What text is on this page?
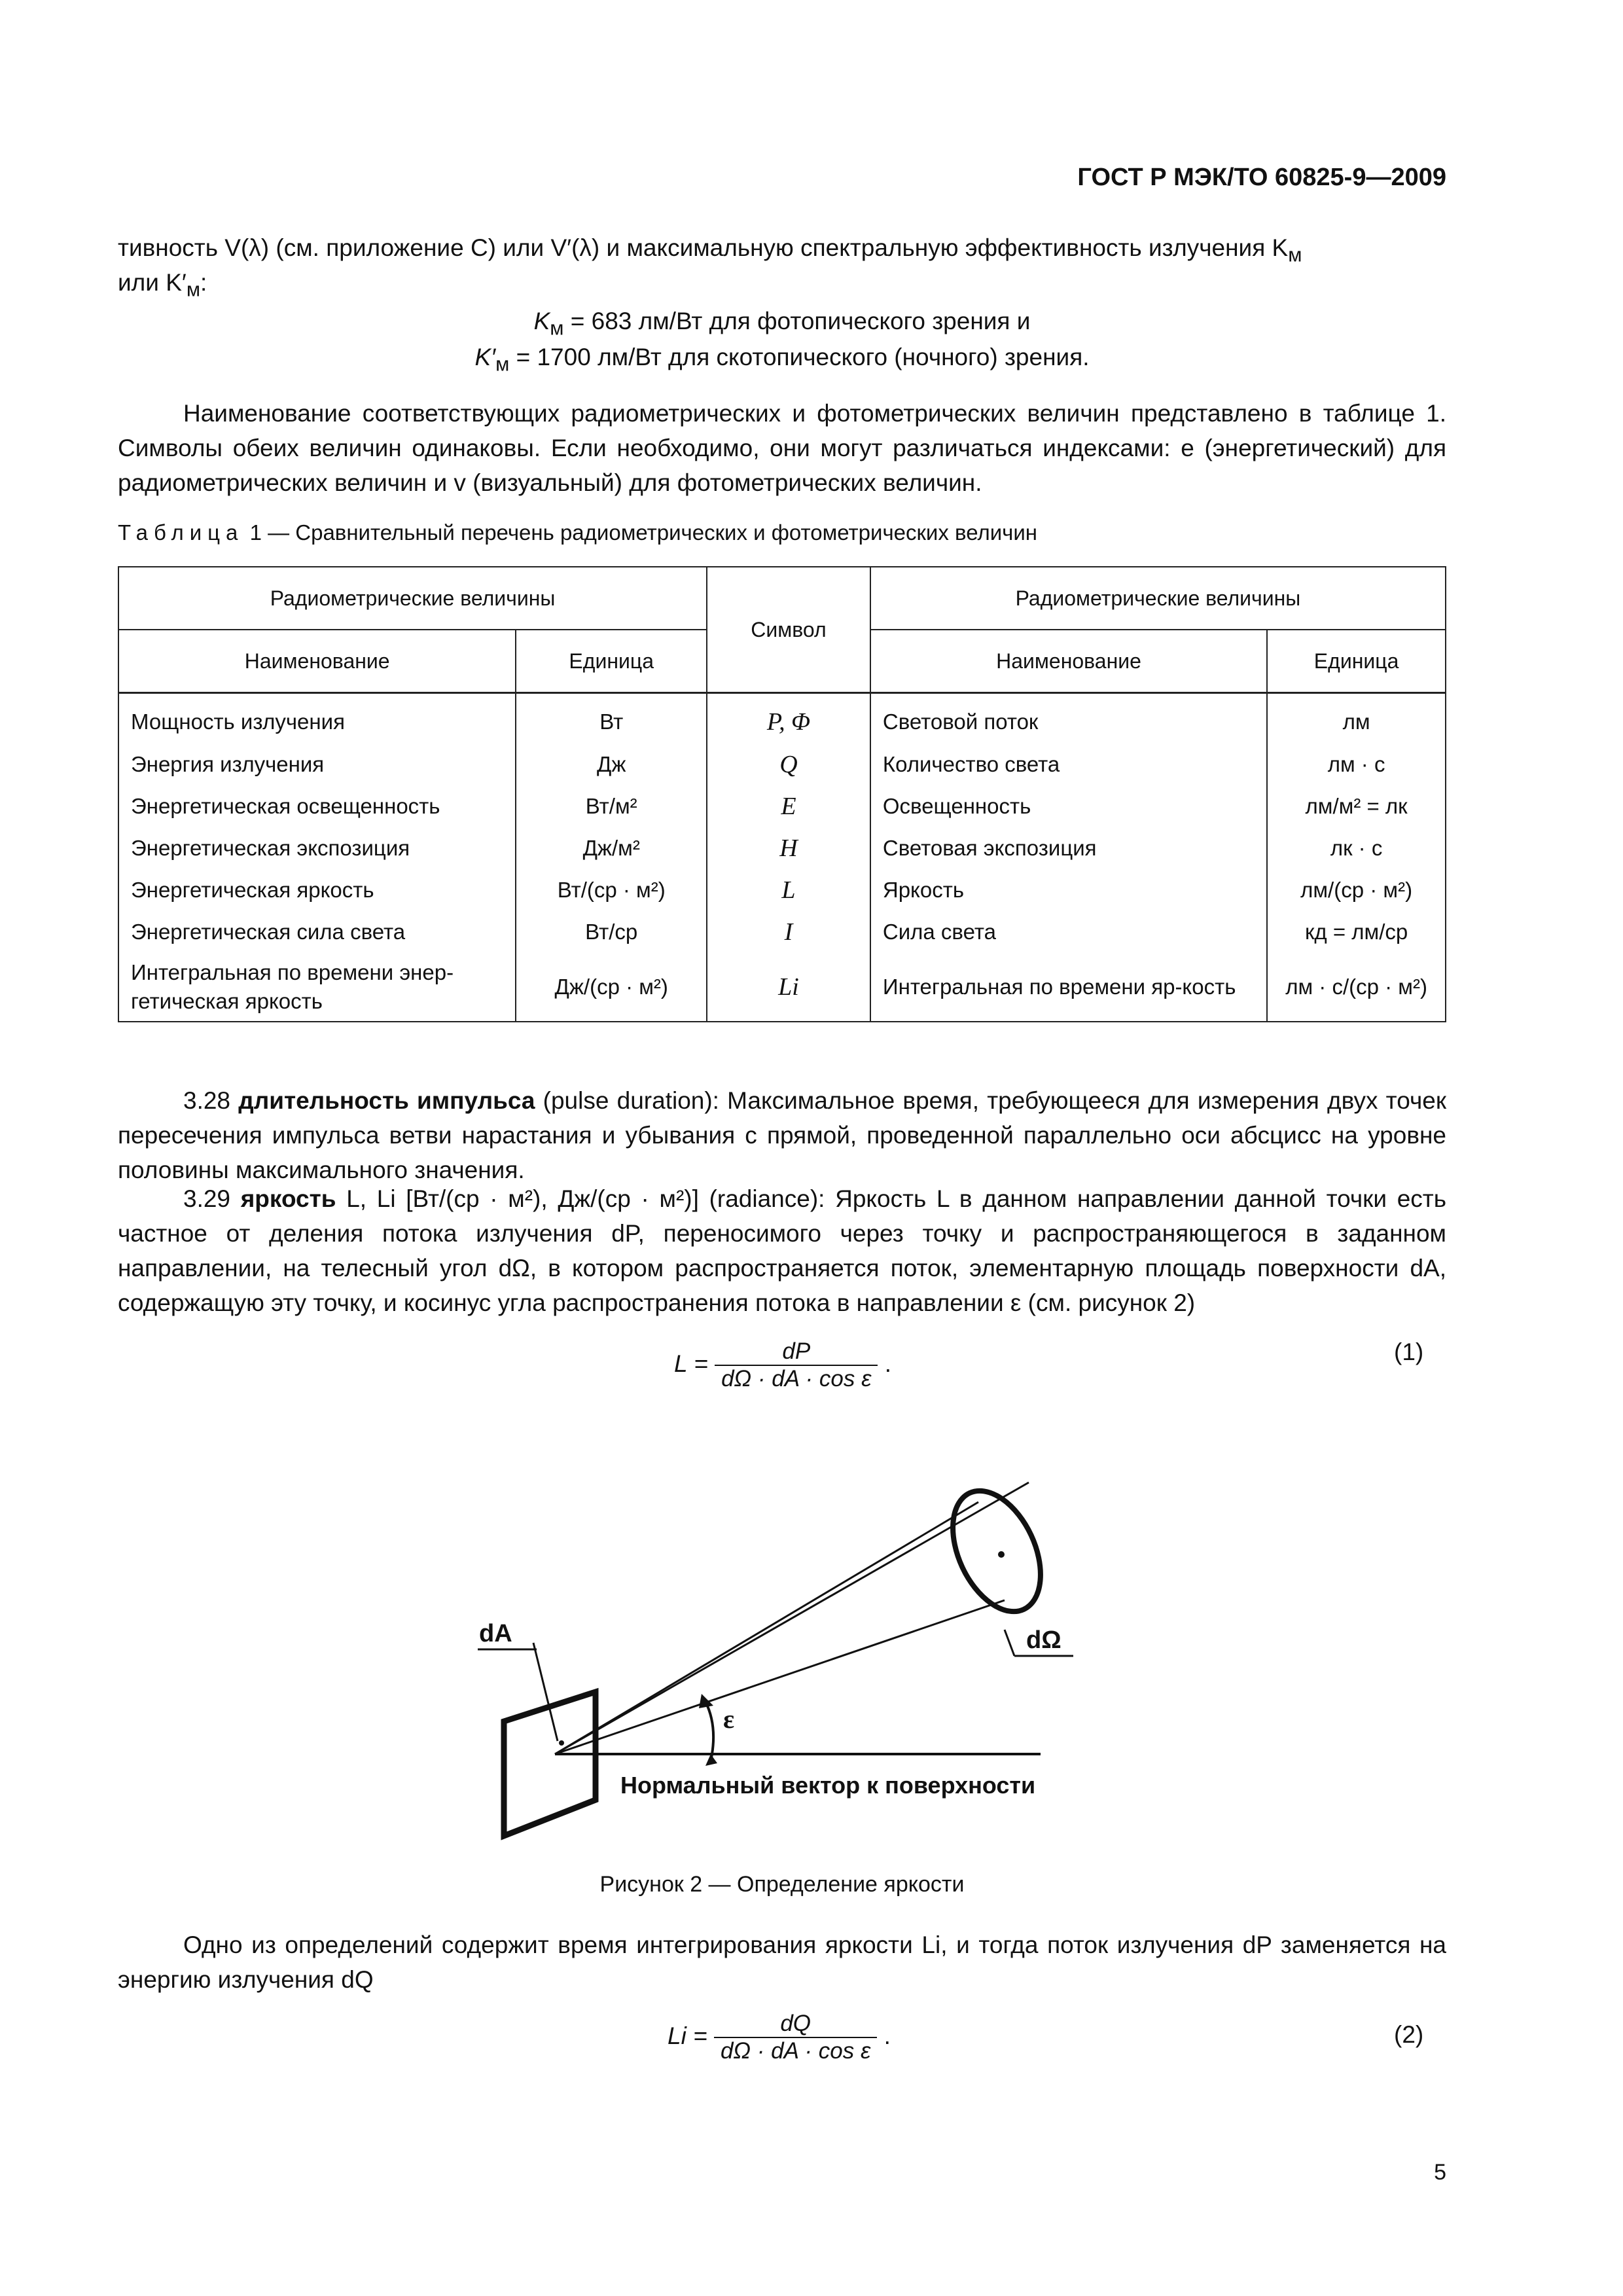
ГОСТ Р МЭК/ТО 60825-9—2009
тивность V(λ) (см. приложение С) или V′(λ) и максимальную спектральную эффективность излучения $K_м$
или $K'_м$:
$K_м = 683$ лм/Вт для фотопического зрения и
$K'_м = 1700$ лм/Вт для скотопического (ночного) зрения.
Наименование соответствующих радиометрических и фотометрических величин представлено в таблице 1. Символы обеих величин одинаковы. Если необходимо, они могут различаться индексами: e (энергетический) для радиометрических величин и v (визуальный) для фотометрических величин.
Таблица 1 — Сравнительный перечень радиометрических и фотометрических величин
Радиометрические величины		Символ	Радиометрические величины	
Наименование	Единица		Наименование	Единица
Мощность излучения	Вт	P, Φ	Световой поток	лм
Энергия излучения	Дж	Q	Количество света	лм · с
Энергетическая освещенность	Вт/м²	E	Освещенность	лм/м² = лк
Энергетическая экспозиция	Дж/м²	H	Световая экспозиция	лк · с
Энергетическая яркость	Вт/(ср · м²)	L	Яркость	лм/(ср · м²)
Энергетическая сила света	Вт/ср	I	Сила света	кд = лм/ср
Интегральная по времени энер-гетическая яркость	Дж/(ср · м²)	Li	Интегральная по времени яр-кость	лм · с/(ср · м²)
3.28 длительность импульса (pulse duration): Максимальное время, требующееся для измерения двух точек пересечения импульса ветви нарастания и убывания с прямой, проведенной параллельно оси абсцисс на уровне половины максимального значения.
3.29 яркость L, Li [Вт/(ср · м²), Дж/(ср · м²)] (radiance): Яркость L в данном направлении данной точки есть частное от деления потока излучения dP, переносимого через точку и распространяющегося в заданном направлении, на телесный угол dΩ, в котором распространяется поток, элементарную площадь поверхности dA, содержащую эту точку, и косинус угла распространения потока в направлении ε (см. рисунок 2)
$L = \frac{dP}{\text{dΩ · dA · cos ε}}$ .	(1)
dA	dΩ
ε
Нормальный вектор к поверхности
Рисунок 2 — Определение яркости
Одно из определений содержит время интегрирования яркости Li, и тогда поток излучения dP заменяется на энергию излучения dQ
$Li = \frac{dQ}{\text{dΩ · dA · cos ε}}$ .	(2)
5
